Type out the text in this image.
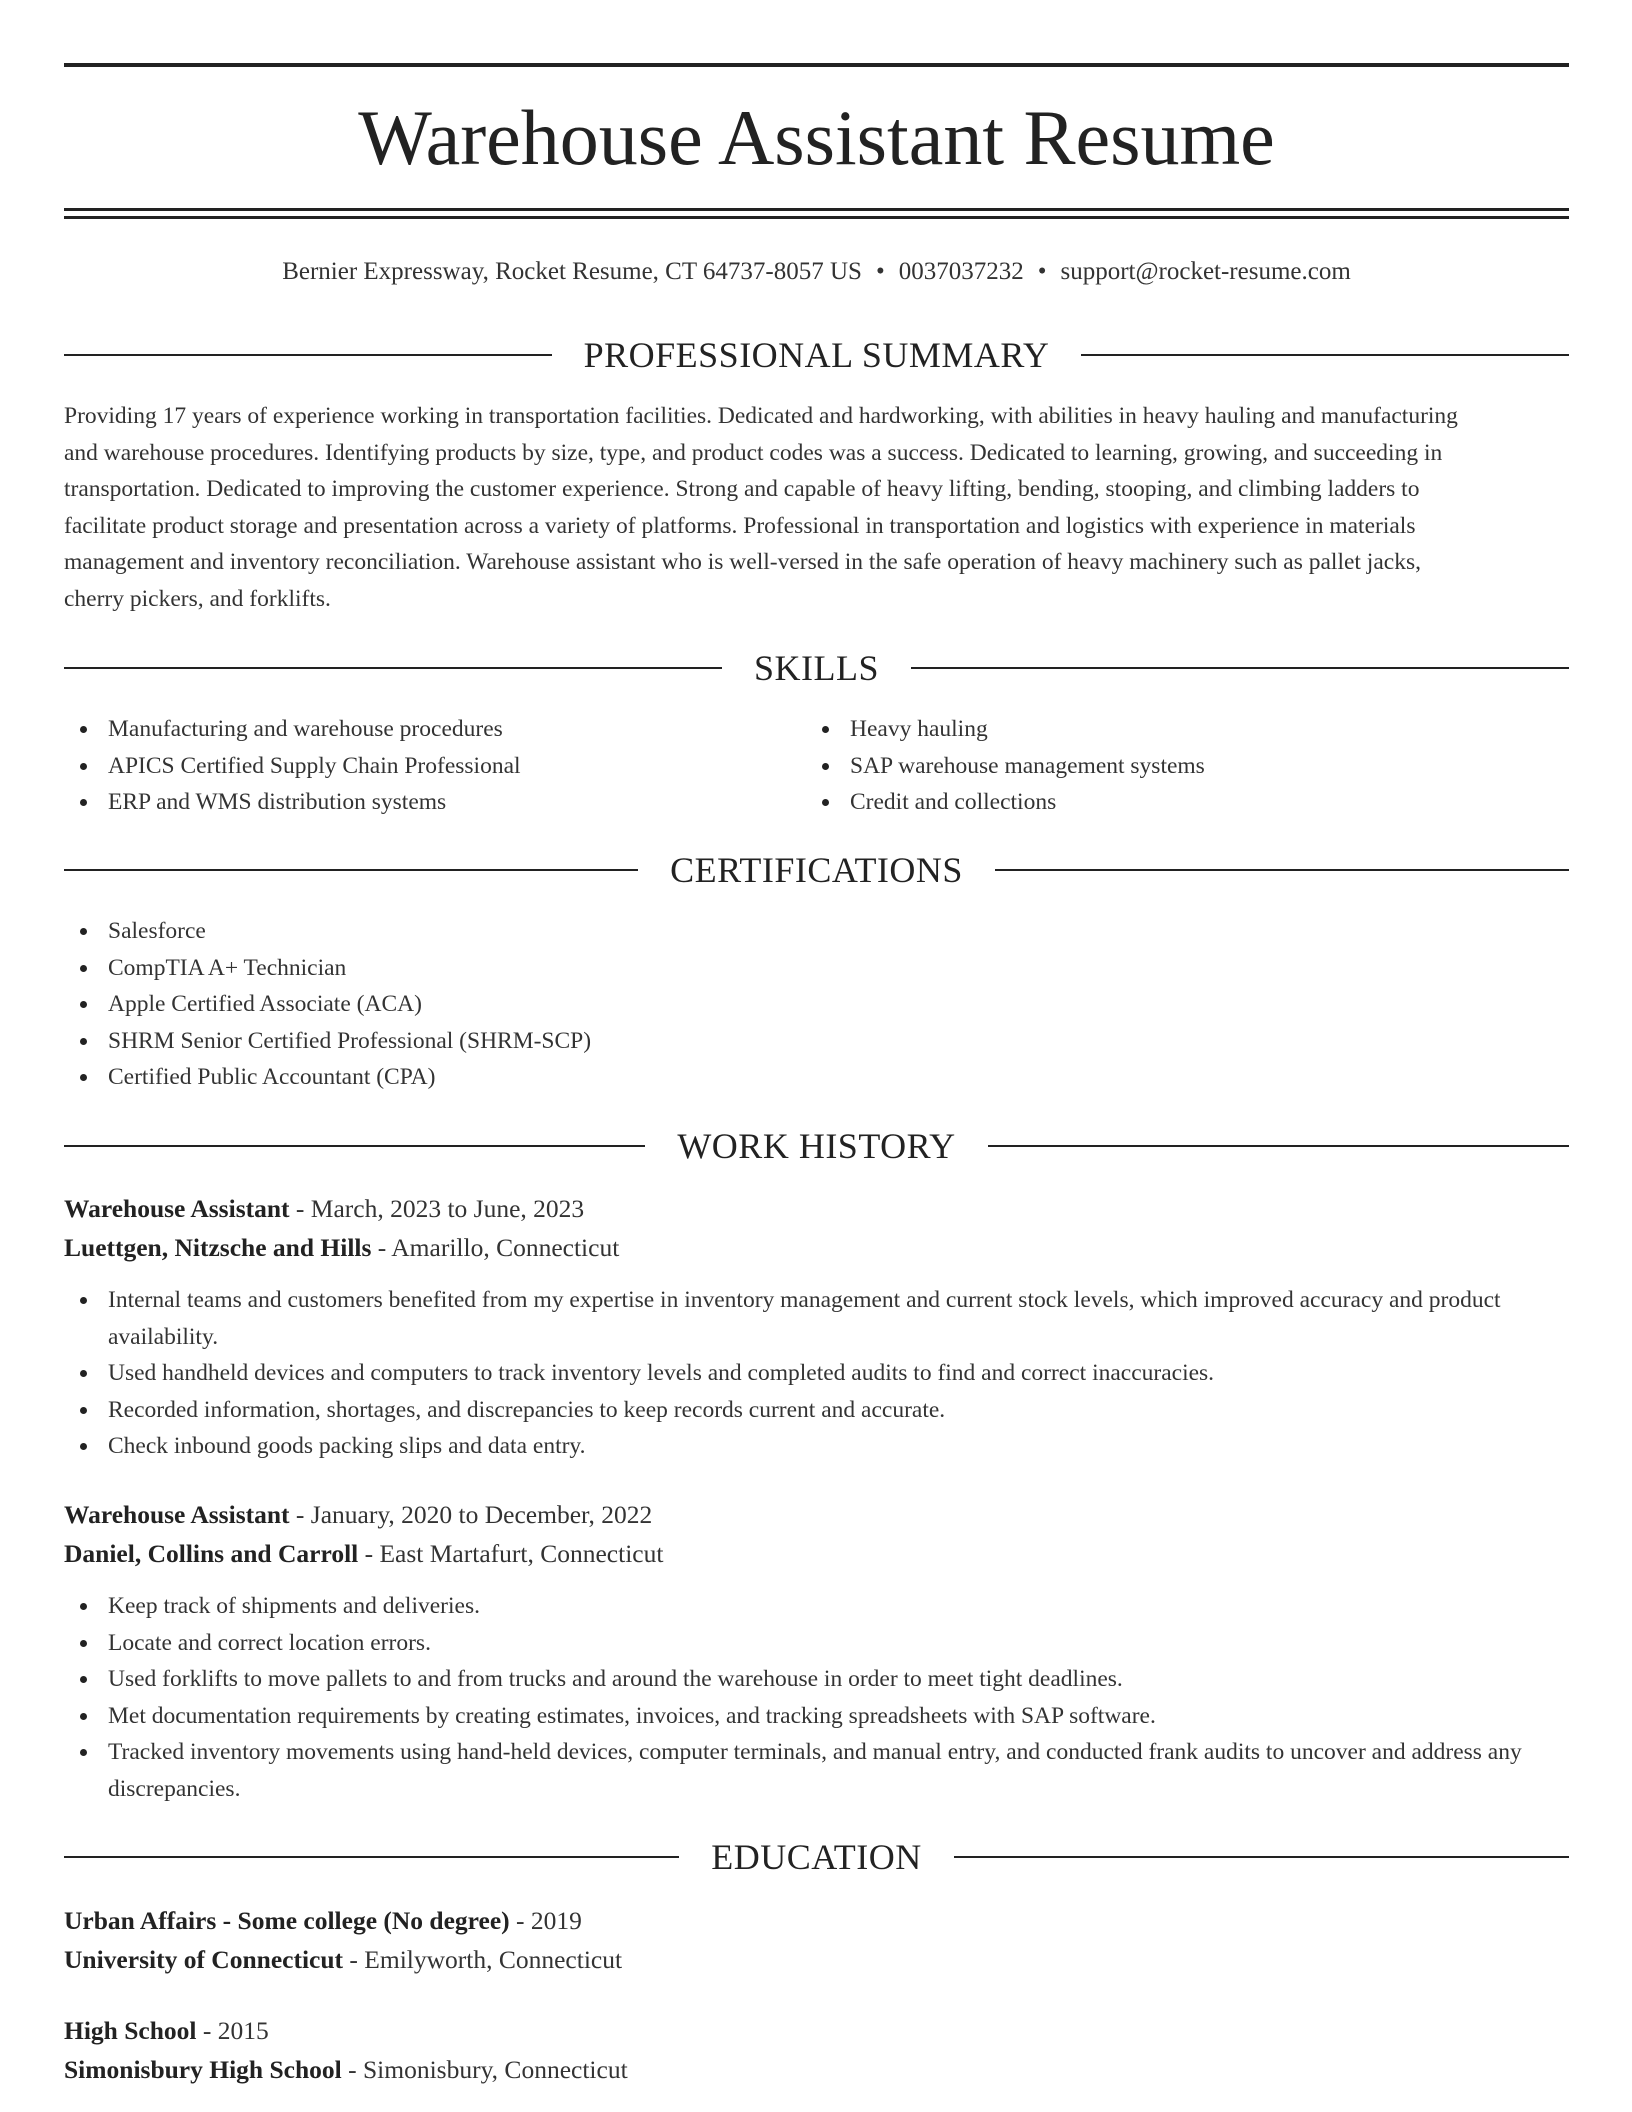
Warehouse Assistant Resume
Bernier Expressway, Rocket Resume, CT 64737-8057 US • 0037037232 • support@rocket-resume.com
PROFESSIONAL SUMMARY
Providing 17 years of experience working in transportation facilities. Dedicated and hardworking, with abilities in heavy hauling and manufacturing
and warehouse procedures. Identifying products by size, type, and product codes was a success. Dedicated to learning, growing, and succeeding in
transportation. Dedicated to improving the customer experience. Strong and capable of heavy lifting, bending, stooping, and climbing ladders to
facilitate product storage and presentation across a variety of platforms. Professional in transportation and logistics with experience in materials
management and inventory reconciliation. Warehouse assistant who is well-versed in the safe operation of heavy machinery such as pallet jacks,
cherry pickers, and forklifts.
SKILLS
Manufacturing and warehouse procedures
APICS Certified Supply Chain Professional
ERP and WMS distribution systems
Heavy hauling
SAP warehouse management systems
Credit and collections
CERTIFICATIONS
Salesforce
CompTIA A+ Technician
Apple Certified Associate (ACA)
SHRM Senior Certified Professional (SHRM-SCP)
Certified Public Accountant (CPA)
WORK HISTORY
Warehouse Assistant - March, 2023 to June, 2023
Luettgen, Nitzsche and Hills - Amarillo, Connecticut
Internal teams and customers benefited from my expertise in inventory management and current stock levels, which improved accuracy and product availability.
Used handheld devices and computers to track inventory levels and completed audits to find and correct inaccuracies.
Recorded information, shortages, and discrepancies to keep records current and accurate.
Check inbound goods packing slips and data entry.
Warehouse Assistant - January, 2020 to December, 2022
Daniel, Collins and Carroll - East Martafurt, Connecticut
Keep track of shipments and deliveries.
Locate and correct location errors.
Used forklifts to move pallets to and from trucks and around the warehouse in order to meet tight deadlines.
Met documentation requirements by creating estimates, invoices, and tracking spreadsheets with SAP software.
Tracked inventory movements using hand-held devices, computer terminals, and manual entry, and conducted frank audits to uncover and address any discrepancies.
EDUCATION
Urban Affairs - Some college (No degree) - 2019
University of Connecticut - Emilyworth, Connecticut
High School - 2015
Simonisbury High School - Simonisbury, Connecticut
